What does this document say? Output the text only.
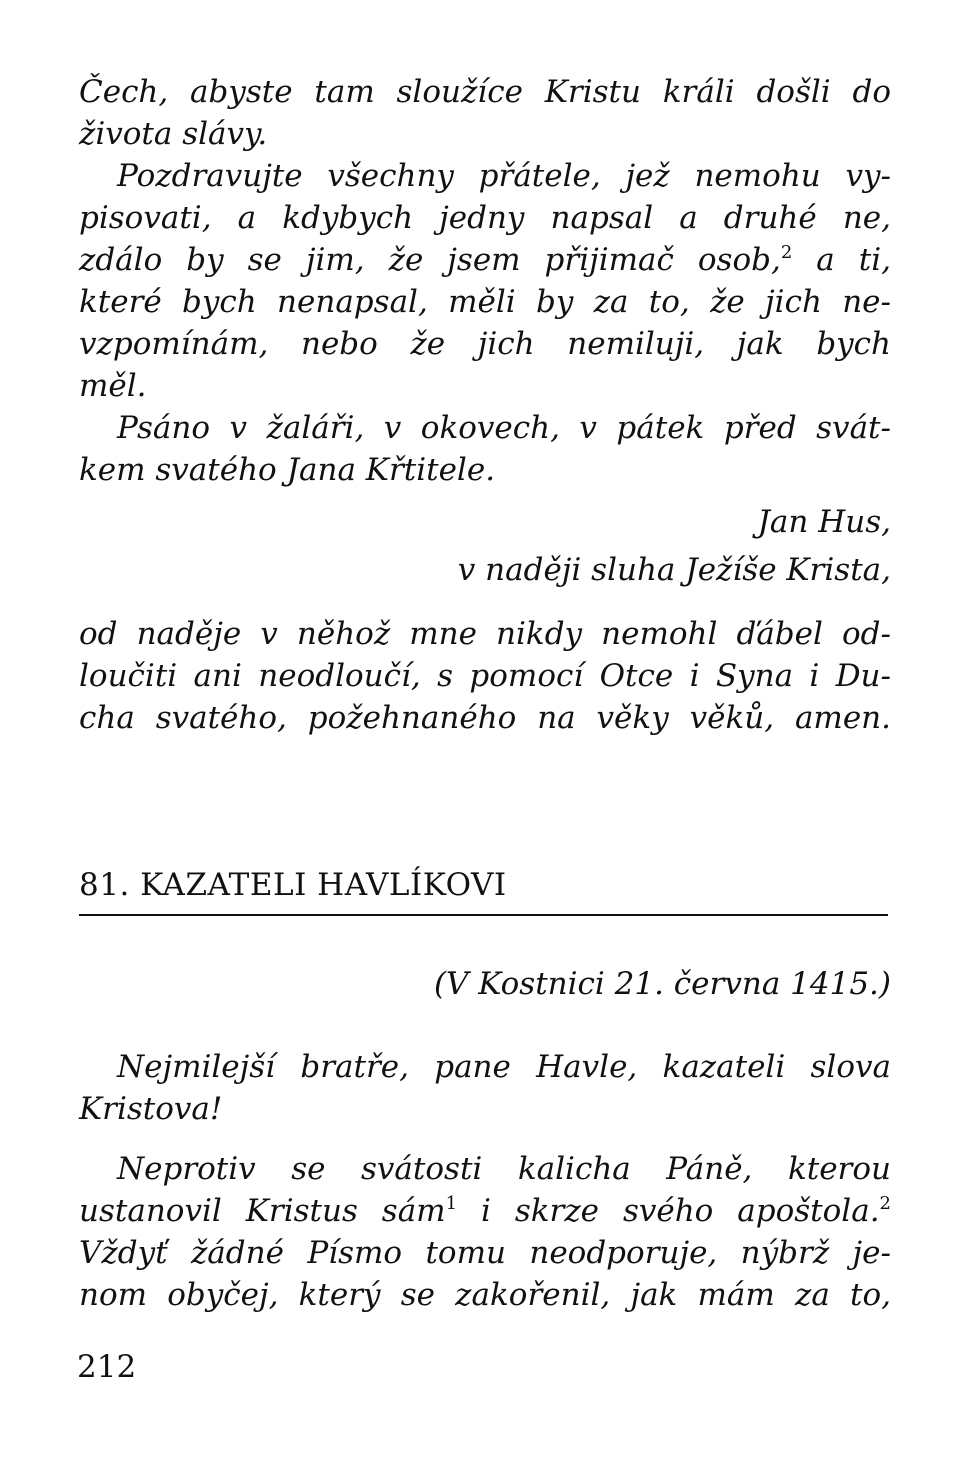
Čech, abyste tam sloužíce Kristu králi došli do
života slávy.
Pozdravujte všechny přátele, jež nemohu vy-
pisovati, a kdybych jedny napsal a druhé ne,
zdálo by se jim, že jsem přijimač osob,$^2$ a ti,
které bych nenapsal, měli by za to, že jich ne-
vzpomínám, nebo že jich nemiluji, jak bych
měl.
Psáno v žaláři, v okovech, v pátek před svát-
kem svatého Jana Křtitele.
Jan Hus,
v naději sluha Ježíše Krista,
od naděje v něhož mne nikdy nemohl ďábel od-
loučiti ani neodloučí, s pomocí Otce i Syna i Du-
cha svatého, požehnaného na věky věků, amen.
81. KAZATELI HAVLÍKOVI
(V Kostnici 21. června 1415.)
Nejmilejší bratře, pane Havle, kazateli slova
Kristova!
Neprotiv se svátosti kalicha Páně, kterou
ustanovil Kristus sám$^1$ i skrze svého apoštola.$^2$
Vždyť žádné Písmo tomu neodporuje, nýbrž je-
nom obyčej, který se zakořenil, jak mám za to,
212
